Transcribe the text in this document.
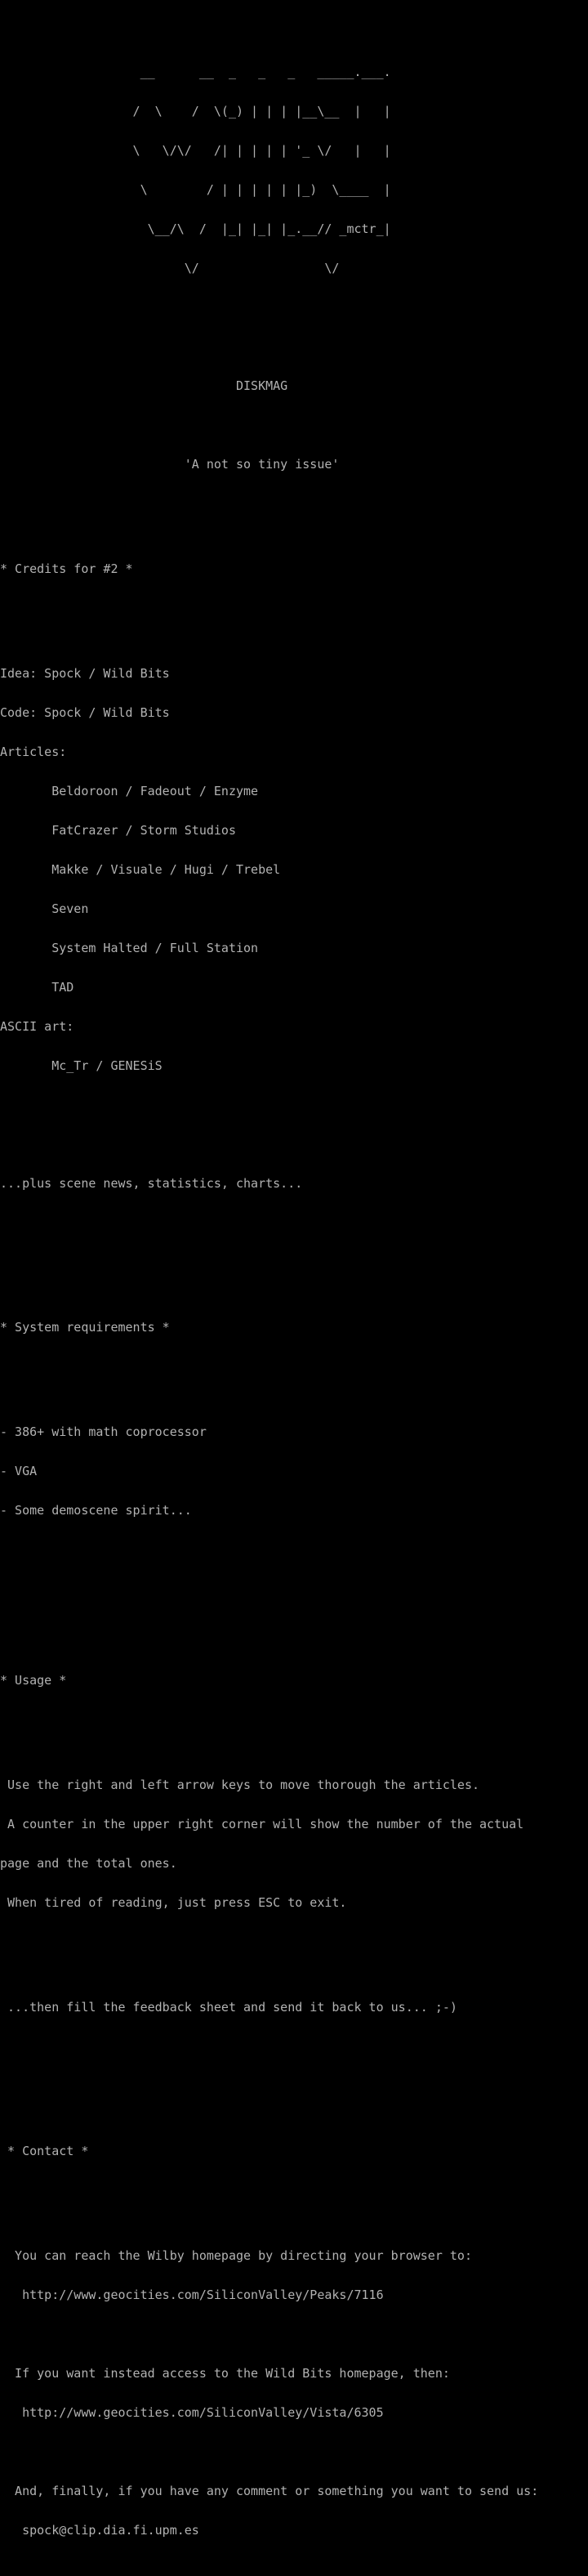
__      __  _   _   _   _____.___.

/  \    /  \(_) | | | |__\__  |   |

\   \/\/   /| | | | | '_ \/   |   |

\        / | | | | | |_)  \____  |

\__/\  /  |_| |_| |_.__// _mctr_|

\/                 \/

DISKMAG

'A not so tiny issue'

* Credits for #2 *

Idea: Spock / Wild Bits

Code: Spock / Wild Bits

Articles:

Beldoroon / Fadeout / Enzyme

FatCrazer / Storm Studios

Makke / Visuale / Hugi / Trebel

Seven

System Halted / Full Station

TAD

ASCII art:

Mc_Tr / GENESiS

...plus scene news, statistics, charts...

* System requirements *

- 386+ with math coprocessor

- VGA

- Some demoscene spirit...

* Usage *

Use the right and left arrow keys to move thorough the articles.

A counter in the upper right corner will show the number of the actual

page and the total ones.

When tired of reading, just press ESC to exit.

...then fill the feedback sheet and send it back to us... ;-)

* Contact *

You can reach the Wilby homepage by directing your browser to:

http://www.geocities.com/SiliconValley/Peaks/7116

If you want instead access to the Wild Bits homepage, then:

http://www.geocities.com/SiliconValley/Vista/6305

And, finally, if you have any comment or something you want to send us:

spock@clip.dia.fi.upm.es
